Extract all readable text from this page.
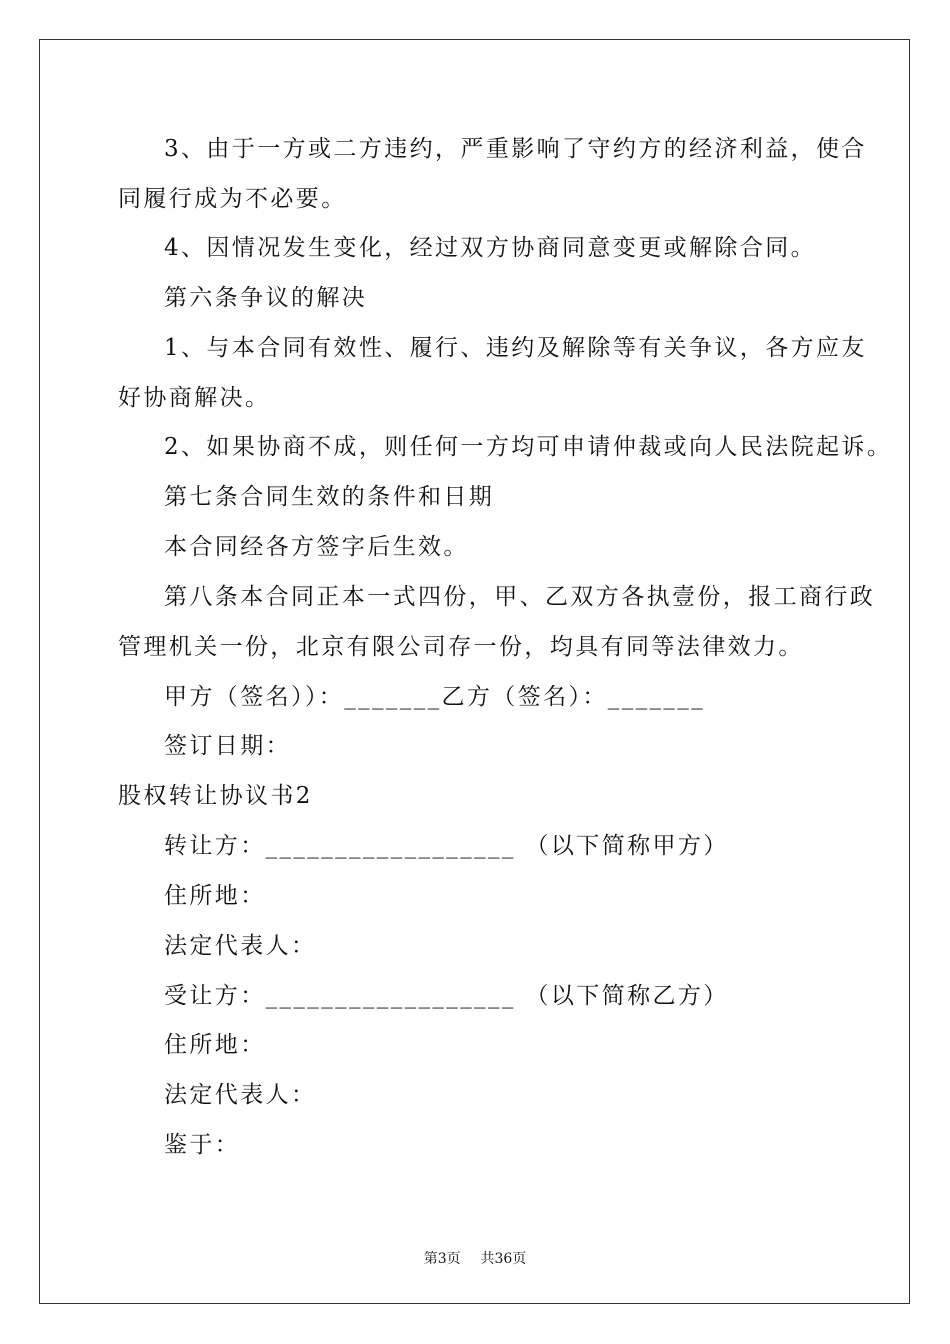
3、由于一方或二方违约，严重影响了守约方的经济利益，使合
同履行成为不必要。
4、因情况发生变化，经过双方协商同意变更或解除合同。
第六条争议的解决
1、与本合同有效性、履行、违约及解除等有关争议，各方应友
好协商解决。
2、如果协商不成，则任何一方均可申请仲裁或向人民法院起诉。
第七条合同生效的条件和日期
本合同经各方签字后生效。
第八条本合同正本一式四份，甲、乙双方各执壹份，报工商行政
管理机关一份，北京有限公司存一份，均具有同等法律效力。
甲方（签名））：_______乙方（签名）：_______
签订日期：
股权转让协议书2
转让方：__________________ （以下简称甲方）
住所地：
法定代表人：
受让方：__________________ （以下简称乙方）
住所地：
法定代表人：
鉴于：
第3页 共36页
